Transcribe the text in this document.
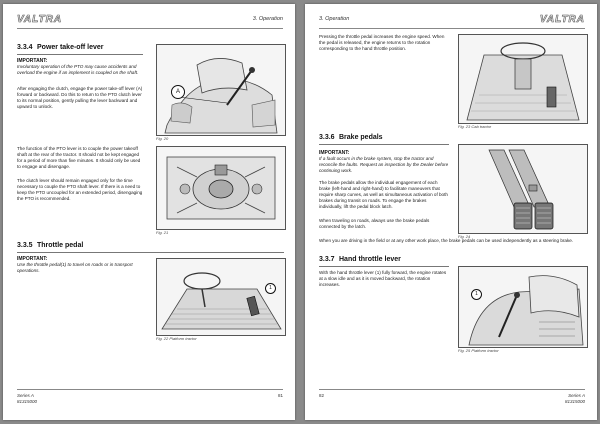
VALTRA	3. Operation
3.3.4 Power take-off lever
IMPORTANT:
Involuntary operation of the PTO may cause accidents and overload the engine if an implement is coupled on the shaft.
After engaging the clutch, engage the power take-off lever (A) forward or backward. Do this to return to the PTO clutch lever to its normal position, gently pulling the lever backward and upward to unlock.
A
Fig. 20
The function of the PTO lever is to couple the power takeoff shaft at the rear of the tractor. It should not be kept engaged for a period of more than five minutes. It should only be used to engage and disengage.
The clutch lever should remain engaged only for the time necessary to couple the PTO shaft lever. If there is a need to keep the PTO uncoupled for an extended period, disengaging the PTO is recommended.
Fig. 21
3.3.5 Throttle pedal
IMPORTANT:
Use the throttle pedal(1) to travel on roads or in transport operations.
1
Fig. 22 Platform tractor
Series A
81315000
81
3. Operation	VALTRA
Pressing the throttle pedal increases the engine speed. When the pedal is released, the engine returns to the rotation corresponding to the hand throttle position.
Fig. 23 Cab tractor
3.3.6 Brake pedals
IMPORTANT:
If a fault occurs in the brake system, stop the tractor and reconcile the faults. Request an inspection by the Dealer before continuing work.
The brake pedals allow the individual engagement of each brake (left-hand and right-hand) to facilitate maneuvers that require sharp curves, as well as simultaneous activation of both brakes during transit on roads. To engage the brakes individually, lift the pedal block latch.
When traveling on roads, always use the brake pedals connected by the latch.
Fig. 24
When you are driving in the field or at any other work place, the brake pedals can be used independently as a steering brake.
3.3.7 Hand throttle lever
With the hand throttle lever (1) fully forward, the engine rotates at a slow idle and as it is moved backward, the rotation increases.
1
Fig. 25 Platform tractor
82	Series A
81315000
